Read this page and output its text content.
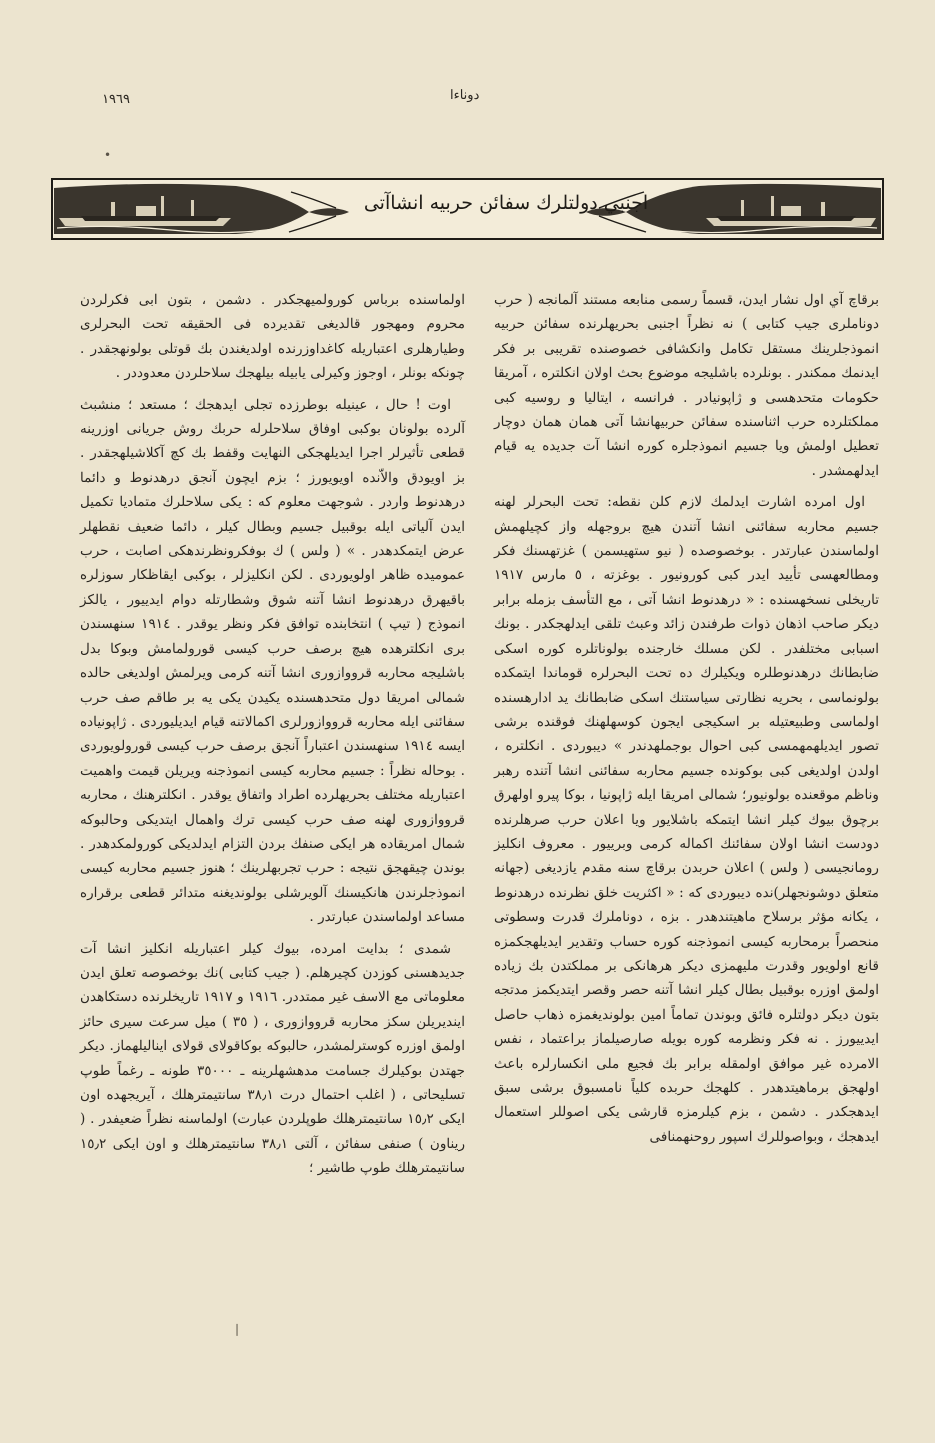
١٩٦٩	دوناءا
•
اجنبي دولتلرك سفائن حربيه انشاآتى

برقاچ آي اول نشار ايدن، قسماً رسمى منابعه مستند آلمانجه ( حرب دوناملرى جيب كتابى ) نه نظراً اجنبى بحريهلرنده سفائن حربيه انموذجلرينك مستقل تكامل وانكشافى خصوصنده تقريبى بر فكر ايدنمك ممكندر . بونلرده باشليجه موضوع بحث اولان انكلتره ، آمريقا حكومات متحدهسى و ژاپونيادر . فرانسه ، ايتاليا و روسيه كبى مملكتلرده حرب اثناسنده سفائن حربيهانشا آتى همان همان دوچار تعطيل اولمش ويا جسيم انموذجلره كوره انشا آت جديده يه قيام ايدلهمشدر .

اول امرده اشارت ايدلمك لازم كلن نقطه: تحت البحرلر لهنه جسيم محاربه سفائنى انشا آتندن هيچ بروجهله واز كچيلهمش اولماسندن عبارتدر . بوخصوصده ( نيو ستهيسمن ) غزتهسنك فكر ومطالعهسى تأييد ايدر كبى كورونيور . بوغزته ، ٥ مارس ١٩١٧ تاريخلى نسخهسنده : « درهدنوط انشا آتى ، مع التأسف بزمله برابر ديكر صاحب اذهان ذوات طرفندن زائد وعبث تلقى ايدلهجكدر . بونك اسبابى مختلفدر . لكن مسلك خارجنده بولوناتلره كوره اسكى ضابطانك درهدنوطلره ويكيلرك ده تحت البحرلره قوماندا ايتمكده بولونماسى ، بحريه نظارتى سياستنك اسكى ضابطانك يد ادارهسنده اولماسى وطبيعتيله بر اسكيجى ايجون كوسهلهنك فوقنده برشى تصور ايديلهمهمسى كبى احوال بوجملهدندر » ديبوردى . انكلتره ، اولدن اولديغى كبى بوكونده جسيم محاربه سفائنى انشا آتنده رهبر وناظم موقعنده بولونيور؛ شمالى امريقا ايله ژاپونيا ، بوكا پيرو اولهرق برچوق بيوك كيلر انشا ايتمكه باشلايور ويا اعلان حرب صرهلرنده دودست انشا اولان سفائنك اكماله كرمى وبرييور . معروف انكليز رومانجيسى ( ولس ) اعلان حربدن برقاچ سنه مقدم يازديغى (جهانه متعلق دوشونجهلر)نده ديبوردى كه : « اكثريت خلق نظرنده درهدنوط ، يكانه مؤثر برسلاح ماهيتندهدر . بزه ، دوناملرك قدرت وسطوتى منحصراً برمحاربه كيسى انموذجنه كوره حساب وتقدير ايديلهجكمزه قانع اولويور وقدرت مليهمزى ديكر هرهانكى بر مملكتدن بك زياده اولمق اوزره بوقبيل بطال كيلر انشا آتنه حصر وقصر ايتديكمز مدتجه بتون ديكر دولتلره فائق وبوندن تماماً امين بولونديغمزه ذهاب حاصل ايدييورز . نه فكر ونظرمه كوره بويله صارصيلماز براعتماد ، نفس الامرده غير موافق اولمقله برابر بك فجيع ملى انكسارلره باعث اولهجق برماهيتدهدر . كلهجك حربده كلياً نامسبوق برشى سبق ايدهجكدر . دشمن ، بزم كيلرمزه قارشى يكى اصوللر استعمال ايدهجك ، وبواصوللرك اسپور روحنهمنافى

اولماسنده برباس كورولميهجكدر . دشمن ، بتون ابى فكرلردن محروم ومهجور قالديغى تقديرده فى الحقيقه تحت البحرلرى وطيارهلرى اعتباريله كاغداوزرنده اولديغندن بك قوتلى بولونهجقدر . چونكه بونلر ، اوجوز وكيرلى يابيله بيلهجك سلاحلردن معدوددر .

اوت ! حال ، عينيله بوطرزده تجلى ايدهجك ؛ مستعد ؛ منشبث آلرده بولونان بوكبى اوفاق سلاحلرله حربك روش جريانى اوزرينه قطعى تأثيرلر اجرا ايديلهجكى النهايت وقفط بك كچ آكلاشيلهجقدر . بز اويودق والاّنده اويويورز ؛ بزم ايچون آنجق درهدنوط و دائما درهدنوط واردر . شوجهت معلوم كه : يكى سلاحلرك متماديا تكميل ايدن آلياتى ايله بوقبيل جسيم وبطال كيلر ، دائما ضعيف نقطهلر عرض ايتمكدهدر . » ( ولس ) ك بوفكرونظرندهكى اصابت ، حرب عموميده ظاهر اولويوردى . لكن انكليزلر ، بوكبى ايقاظكار سوزلره باقيهرق درهدنوط انشا آتنه شوق وشطارتله دوام ايدييور ، يالكز انموذج ( تيپ ) انتخابنده توافق فكر ونظر يوقدر . ١٩١٤ سنهسندن برى انكلترهده هيچ برصف حرب كيسى قورولمامش وبوكا بدل باشليجه محاربه قرووازورى انشا آتنه كرمى ويرلمش اولديغى حالده شمالى امريقا دول متحدهسنده يكيدن يكى يه بر طاقم صف حرب سفائنى ايله محاربه قرووازورلرى اكمالاتنه قيام ايديليوردى . ژاپونياده ايسه ١٩١٤ سنهسندن اعتباراً آنجق برصف حرب كيسى قورولويوردى . بوحاله نظراً : جسيم محاربه كيسى انموذجنه ويريلن قيمت واهميت اعتباريله مختلف بحريهلرده اطراد واتفاق يوقدر . انكلترهنك ، محاربه قرووازورى لهنه صف حرب كيسى ترك واهمال ايتديكى وحالبوكه شمال امريقاده هر ايكى صنفك بردن التزام ايدلديكى كورولمكدهدر . بوندن چيقهجق نتيجه : حرب تجربهلرينك ؛ هنوز جسيم محاربه كيسى انموذجلرندن هانكيسنك آلويرشلى بولونديغنه متدائر قطعى برقراره مساعد اولماسندن عبارتدر .

شمدى ؛ بدايت امرده، بيوك كيلر اعتباريله انكليز انشا آت جديدهسنى كوزدن كچيرهلم. ( جيب كتابى )نك بوخصوصه تعلق ايدن معلوماتى مع الاسف غير ممتددر. ١٩١٦ و ١٩١٧ تاريخلرنده دستكاهدن اينديريلن سكز محاربه قرووازورى ، ( ٣٥ ) ميل سرعت سيرى حائز اولمق اوزره كوسترلمشدر، حالبوكه بوكاقولاى قولاى ايناليلهماز. ديكر جهتدن بوكيلرك جسامت مدهشهلرينه ـ ٣٥٠٠٠ طونه ـ رغماً طوپ تسليحاتى ، ( اغلب احتمال درت ٣٨٫١ سانتيمترهلك ، آيريجهده اون ايكى ١٥٫٢ سانتيمترهلك طوپلردن عبارت) اولماسنه نظراً ضعيفدر . ( ريناون ) صنفى سفائن ، آلتى ٣٨٫١ سانتيمترهلك و اون ايكى ١٥٫٢ سانتيمترهلك طوپ طاشير ؛

❘
